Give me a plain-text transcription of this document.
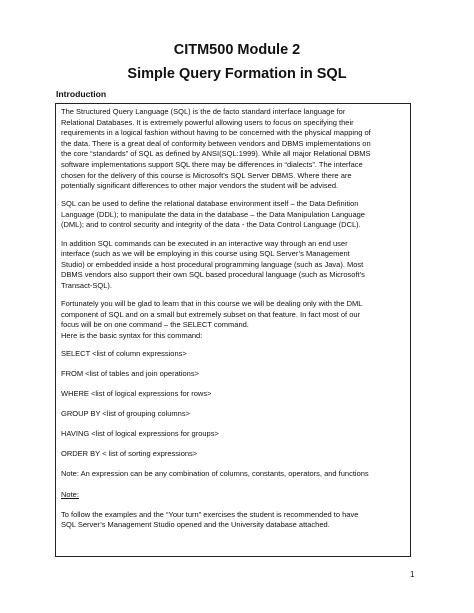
CITM500 Module 2
Simple Query Formation in SQL
Introduction

The Structured Query Language (SQL) is the de facto standard interface language for
Relational Databases. It is extremely powerful allowing users to focus on specifying their
requirements in a logical fashion without having to be concerned with the physical mapping of
the data. There is a great deal of conformity between vendors and DBMS implementations on
the core “standards” of SQL as defined by ANSI(SQL:1999). While all major Relational DBMS
software implementations support SQL there may be differences in “dialects”. The interface
chosen for the delivery of this course is Microsoft’s SQL Server DBMS. Where there are
potentially significant differences to other major vendors the student will be advised.

SQL can be used to define the relational database environment itself – the Data Definition
Language (DDL); to manipulate the data in the database – the Data Manipulation Language
(DML); and to control security and integrity of the data - the Data Control Language (DCL).

In addition SQL commands can be executed in an interactive way through an end user
interface (such as we will be employing in this course using SQL Server’s Management
Studio) or embedded inside a host procedural programming language (such as Java). Most
DBMS vendors also support their own SQL based procedural language (such as Microsoft’s
Transact-SQL).

Fortunately you will be glad to learn that in this course we will be dealing only with the DML
component of SQL and on a small but extremely subset on that feature. In fact most of our
focus will be on one command – the SELECT command.

Here is the basic syntax for this command:

SELECT <list of column expressions>

FROM <list of tables and join operations>

WHERE <list of logical expressions for rows>

GROUP BY <list of grouping columns>

HAVING <list of logical expressions for groups>

ORDER BY < list of sorting expressions>

Note: An expression can be any combination of columns, constants, operators, and functions

Note:

To follow the examples and the “Your turn” exercises the student is recommended to have
SQL Server’s Management Studio opened and the University database attached.

1
